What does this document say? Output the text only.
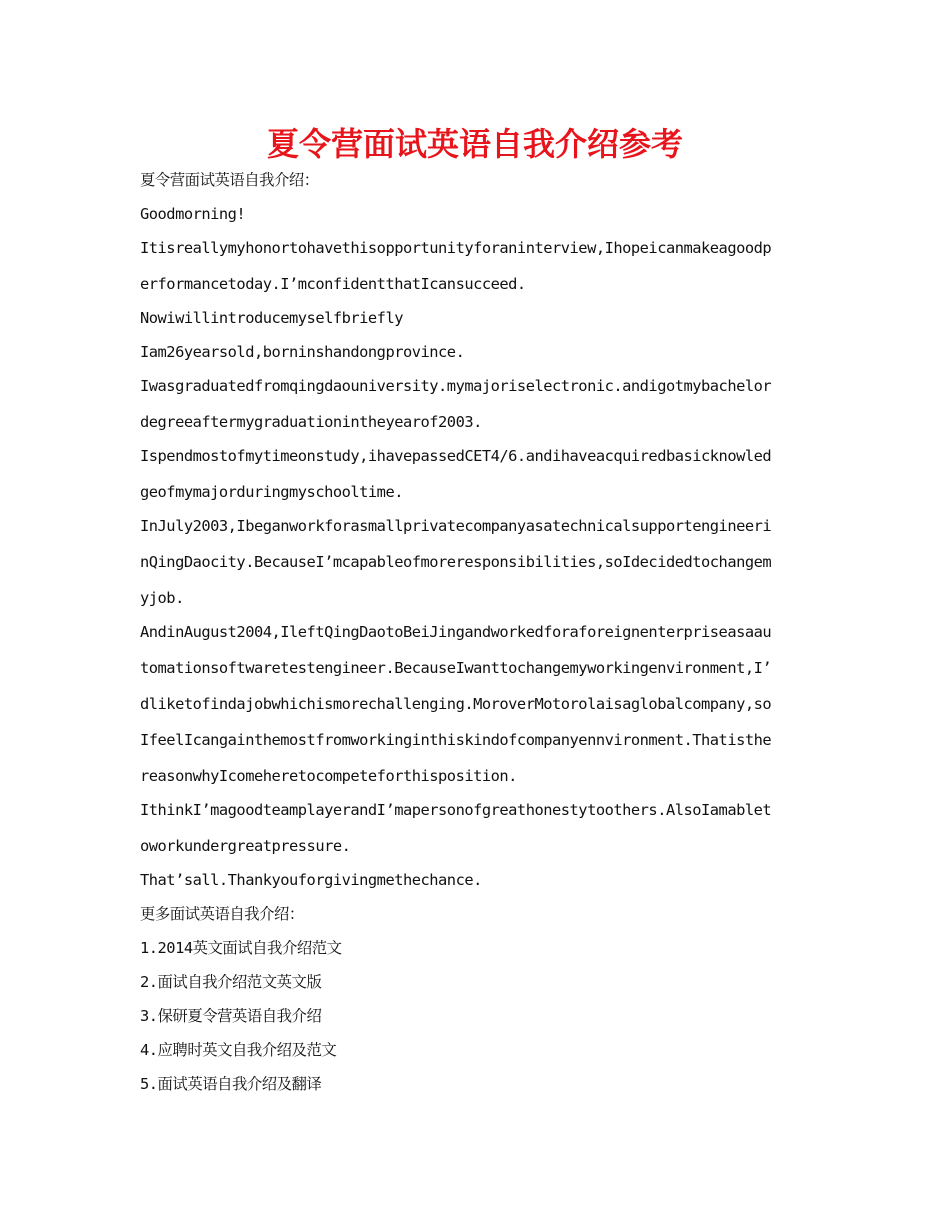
夏令营面试英语自我介绍参考
夏令营面试英语自我介绍：
Goodmorning!
Itisreallymyhonortohavethisopportunityforaninterview,Ihopeicanmakeagoodp
erformancetoday.I’mconfidentthatIcansucceed.
Nowiwillintroducemyselfbriefly
Iam26yearsold,borninshandongprovince.
Iwasgraduatedfromqingdaouniversity.mymajoriselectronic.andigotmybachelor
degreeaftermygraduationintheyearof2003.
Ispendmostofmytimeonstudy,ihavepassedCET4/6.andihaveacquiredbasicknowled
geofmymajorduringmyschooltime.
InJuly2003,Ibeganworkforasmallprivatecompanyasatechnicalsupportengineeri
nQingDaocity.BecauseI’mcapableofmoreresponsibilities,soIdecidedtochangem
yjob.
AndinAugust2004,IleftQingDaotoBeiJingandworkedforaforeignenterpriseasaau
tomationsoftwaretestengineer.BecauseIwanttochangemyworkingenvironment,I’
dliketofindajobwhichismorechallenging.MoroverMotorolaisaglobalcompany,so
IfeelIcangainthemostfromworkinginthiskindofcompanyennvironment.Thatisthe
reasonwhyIcomeheretocompeteforthisposition.
IthinkI’magoodteamplayerandI’mapersonofgreathonestytoothers.AlsoIamablet
oworkundergreatpressure.
That’sall.Thankyouforgivingmethechance.
更多面试英语自我介绍：
1.2014英文面试自我介绍范文
2.面试自我介绍范文英文版
3.保研夏令营英语自我介绍
4.应聘时英文自我介绍及范文
5.面试英语自我介绍及翻译
